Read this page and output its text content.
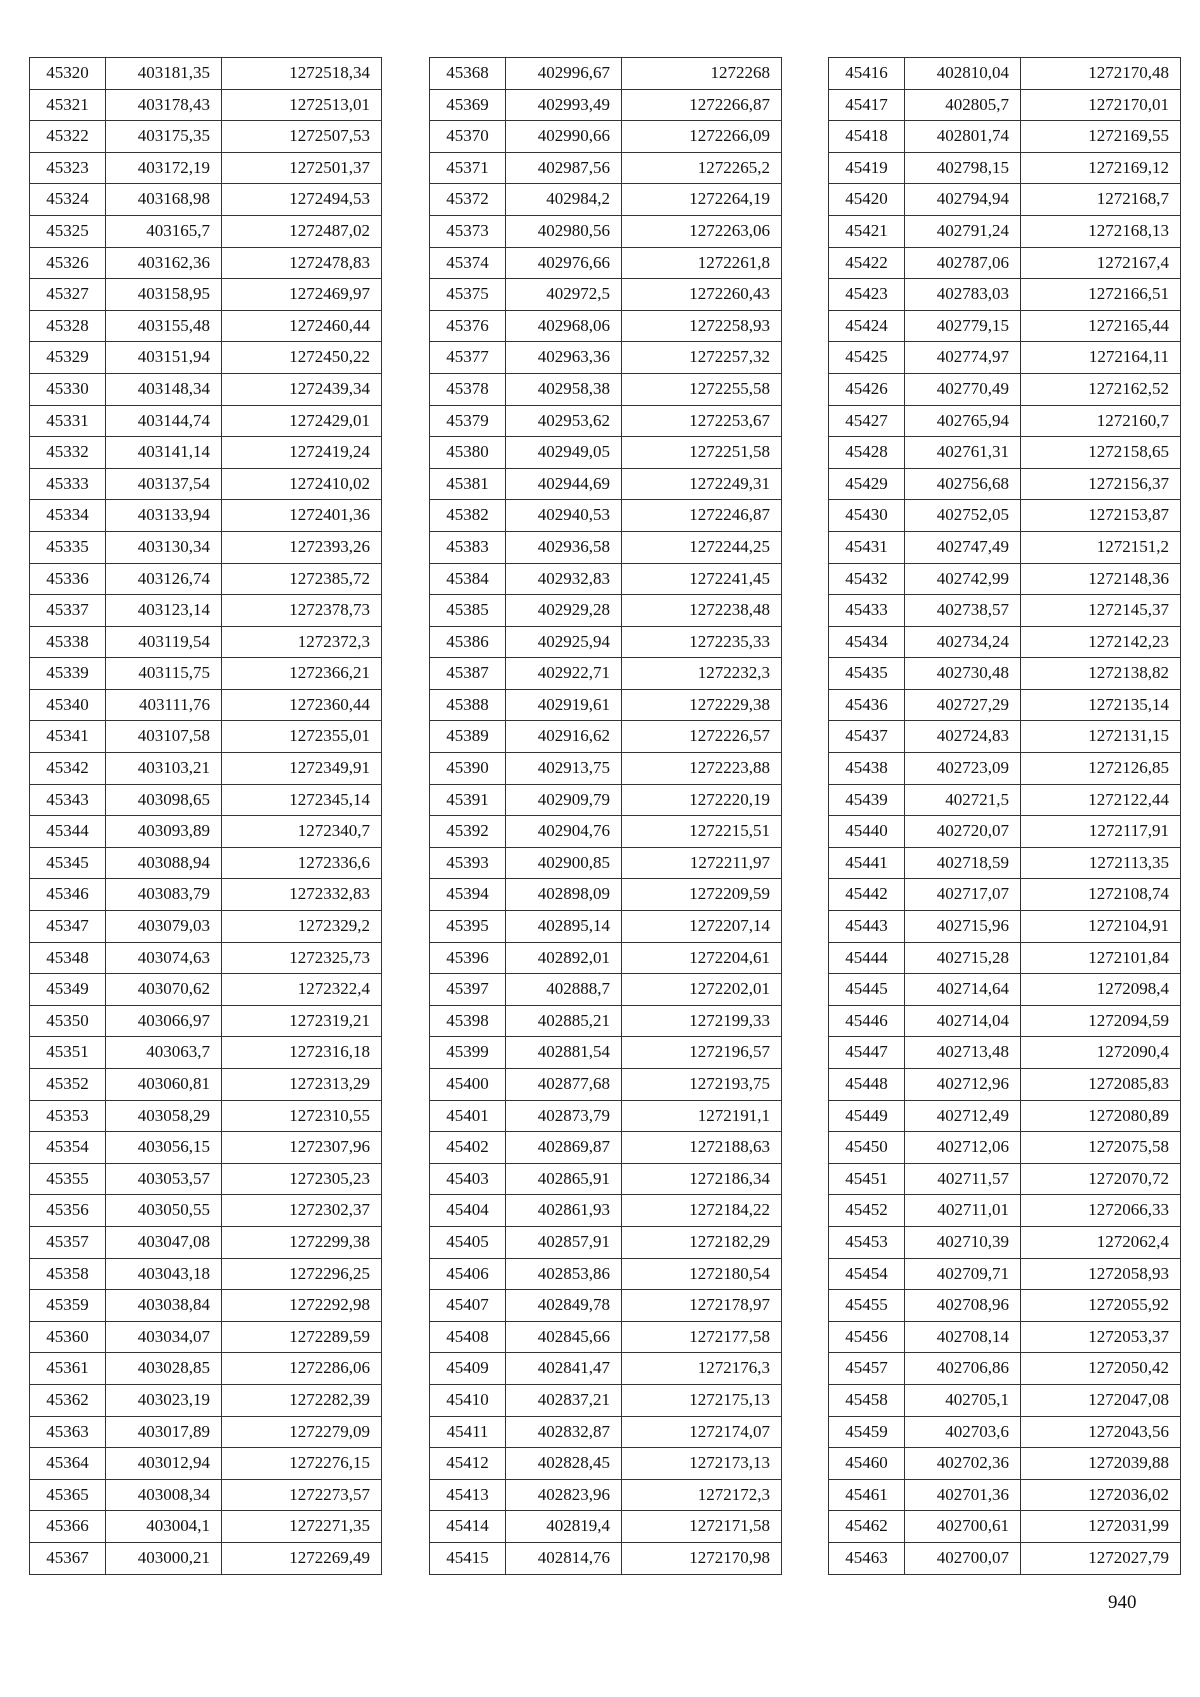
45320	403181,35	1272518,34
45321	403178,43	1272513,01
45322	403175,35	1272507,53
45323	403172,19	1272501,37
45324	403168,98	1272494,53
45325	403165,7	1272487,02
45326	403162,36	1272478,83
45327	403158,95	1272469,97
45328	403155,48	1272460,44
45329	403151,94	1272450,22
45330	403148,34	1272439,34
45331	403144,74	1272429,01
45332	403141,14	1272419,24
45333	403137,54	1272410,02
45334	403133,94	1272401,36
45335	403130,34	1272393,26
45336	403126,74	1272385,72
45337	403123,14	1272378,73
45338	403119,54	1272372,3
45339	403115,75	1272366,21
45340	403111,76	1272360,44
45341	403107,58	1272355,01
45342	403103,21	1272349,91
45343	403098,65	1272345,14
45344	403093,89	1272340,7
45345	403088,94	1272336,6
45346	403083,79	1272332,83
45347	403079,03	1272329,2
45348	403074,63	1272325,73
45349	403070,62	1272322,4
45350	403066,97	1272319,21
45351	403063,7	1272316,18
45352	403060,81	1272313,29
45353	403058,29	1272310,55
45354	403056,15	1272307,96
45355	403053,57	1272305,23
45356	403050,55	1272302,37
45357	403047,08	1272299,38
45358	403043,18	1272296,25
45359	403038,84	1272292,98
45360	403034,07	1272289,59
45361	403028,85	1272286,06
45362	403023,19	1272282,39
45363	403017,89	1272279,09
45364	403012,94	1272276,15
45365	403008,34	1272273,57
45366	403004,1	1272271,35
45367	403000,21	1272269,49
45368	402996,67	1272268
45369	402993,49	1272266,87
45370	402990,66	1272266,09
45371	402987,56	1272265,2
45372	402984,2	1272264,19
45373	402980,56	1272263,06
45374	402976,66	1272261,8
45375	402972,5	1272260,43
45376	402968,06	1272258,93
45377	402963,36	1272257,32
45378	402958,38	1272255,58
45379	402953,62	1272253,67
45380	402949,05	1272251,58
45381	402944,69	1272249,31
45382	402940,53	1272246,87
45383	402936,58	1272244,25
45384	402932,83	1272241,45
45385	402929,28	1272238,48
45386	402925,94	1272235,33
45387	402922,71	1272232,3
45388	402919,61	1272229,38
45389	402916,62	1272226,57
45390	402913,75	1272223,88
45391	402909,79	1272220,19
45392	402904,76	1272215,51
45393	402900,85	1272211,97
45394	402898,09	1272209,59
45395	402895,14	1272207,14
45396	402892,01	1272204,61
45397	402888,7	1272202,01
45398	402885,21	1272199,33
45399	402881,54	1272196,57
45400	402877,68	1272193,75
45401	402873,79	1272191,1
45402	402869,87	1272188,63
45403	402865,91	1272186,34
45404	402861,93	1272184,22
45405	402857,91	1272182,29
45406	402853,86	1272180,54
45407	402849,78	1272178,97
45408	402845,66	1272177,58
45409	402841,47	1272176,3
45410	402837,21	1272175,13
45411	402832,87	1272174,07
45412	402828,45	1272173,13
45413	402823,96	1272172,3
45414	402819,4	1272171,58
45415	402814,76	1272170,98
45416	402810,04	1272170,48
45417	402805,7	1272170,01
45418	402801,74	1272169,55
45419	402798,15	1272169,12
45420	402794,94	1272168,7
45421	402791,24	1272168,13
45422	402787,06	1272167,4
45423	402783,03	1272166,51
45424	402779,15	1272165,44
45425	402774,97	1272164,11
45426	402770,49	1272162,52
45427	402765,94	1272160,7
45428	402761,31	1272158,65
45429	402756,68	1272156,37
45430	402752,05	1272153,87
45431	402747,49	1272151,2
45432	402742,99	1272148,36
45433	402738,57	1272145,37
45434	402734,24	1272142,23
45435	402730,48	1272138,82
45436	402727,29	1272135,14
45437	402724,83	1272131,15
45438	402723,09	1272126,85
45439	402721,5	1272122,44
45440	402720,07	1272117,91
45441	402718,59	1272113,35
45442	402717,07	1272108,74
45443	402715,96	1272104,91
45444	402715,28	1272101,84
45445	402714,64	1272098,4
45446	402714,04	1272094,59
45447	402713,48	1272090,4
45448	402712,96	1272085,83
45449	402712,49	1272080,89
45450	402712,06	1272075,58
45451	402711,57	1272070,72
45452	402711,01	1272066,33
45453	402710,39	1272062,4
45454	402709,71	1272058,93
45455	402708,96	1272055,92
45456	402708,14	1272053,37
45457	402706,86	1272050,42
45458	402705,1	1272047,08
45459	402703,6	1272043,56
45460	402702,36	1272039,88
45461	402701,36	1272036,02
45462	402700,61	1272031,99
45463	402700,07	1272027,79
940
